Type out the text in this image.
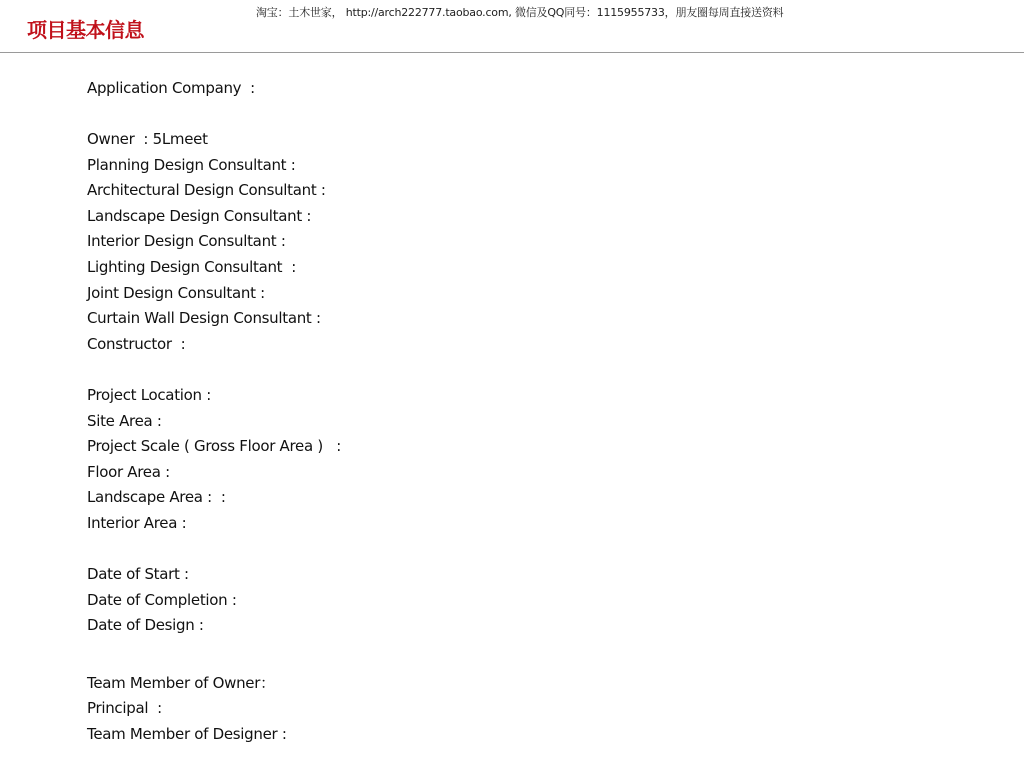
淘宝：土木世家， http://arch222777.taobao.com, 微信及QQ同号：1115955733，朋友圈每周直接送资料
项目基本信息
Application Company  :
Owner  : 5Lmeet
Planning Design Consultant :
Architectural Design Consultant :
Landscape Design Consultant :
Interior Design Consultant :
Lighting Design Consultant  :
Joint Design Consultant :
Curtain Wall Design Consultant :
Constructor  :
Project Location :
Site Area :
Project Scale ( Gross Floor Area )   :
Floor Area :
Landscape Area :  :
Interior Area :
Date of Start :
Date of Completion :
Date of Design :
Team Member of Owner：
Principal  :
Team Member of Designer :
